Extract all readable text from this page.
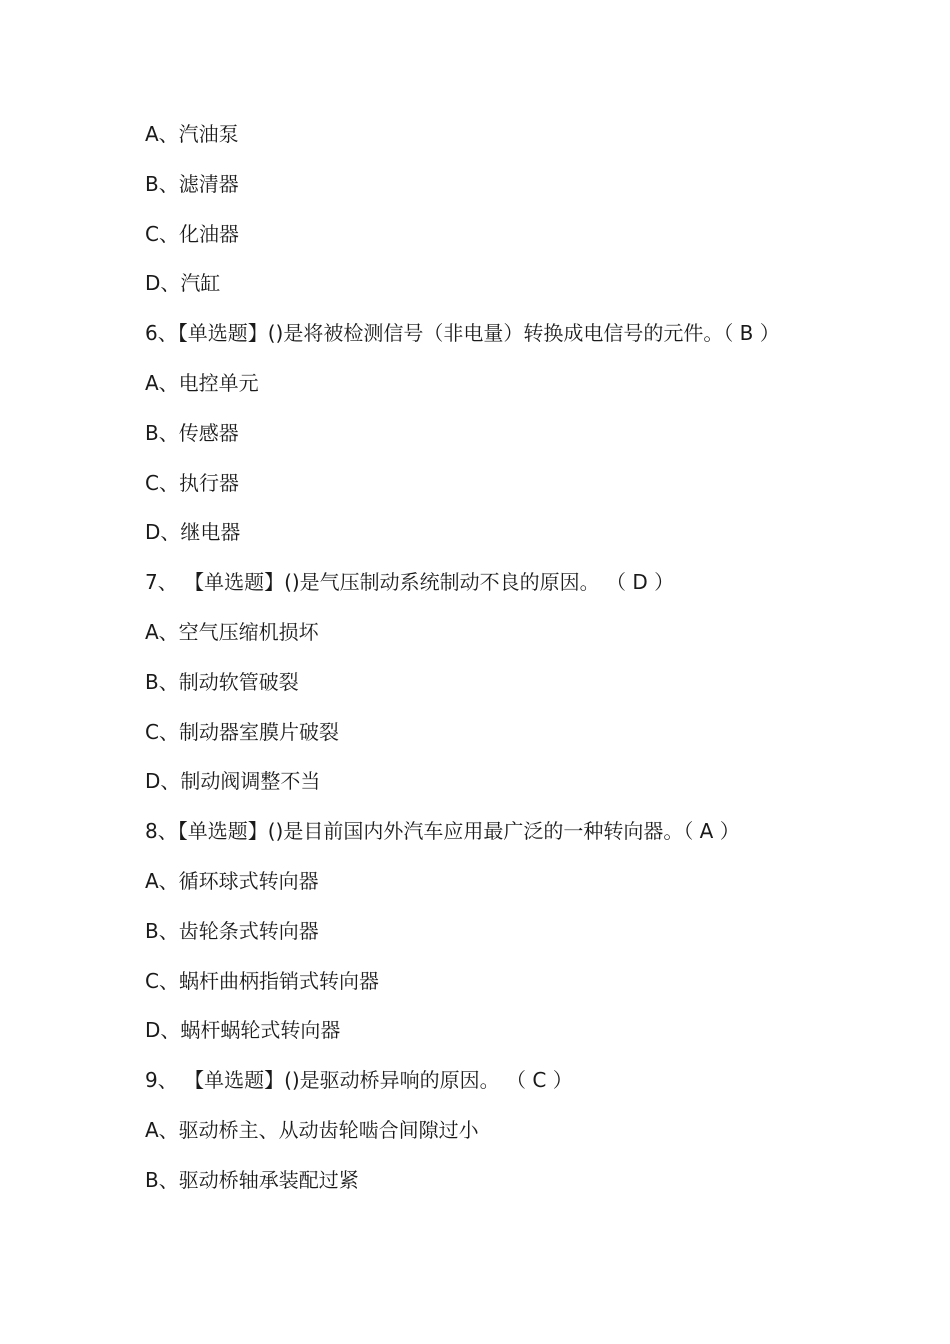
A、汽油泵
B、滤清器
C、化油器
D、汽缸
6、【单选题】()是将被检测信号（非电量）转换成电信号的元件。（ B ）
A、电控单元
B、传感器
C、执行器
D、继电器
7、 【单选题】()是气压制动系统制动不良的原因。 （ D ）
A、空气压缩机损坏
B、制动软管破裂
C、制动器室膜片破裂
D、制动阀调整不当
8、【单选题】()是目前国内外汽车应用最广泛的一种转向器。（ A ）
A、循环球式转向器
B、齿轮条式转向器
C、蜗杆曲柄指销式转向器
D、蜗杆蜗轮式转向器
9、 【单选题】()是驱动桥异响的原因。 （ C ）
A、驱动桥主、从动齿轮啮合间隙过小
B、驱动桥轴承装配过紧
